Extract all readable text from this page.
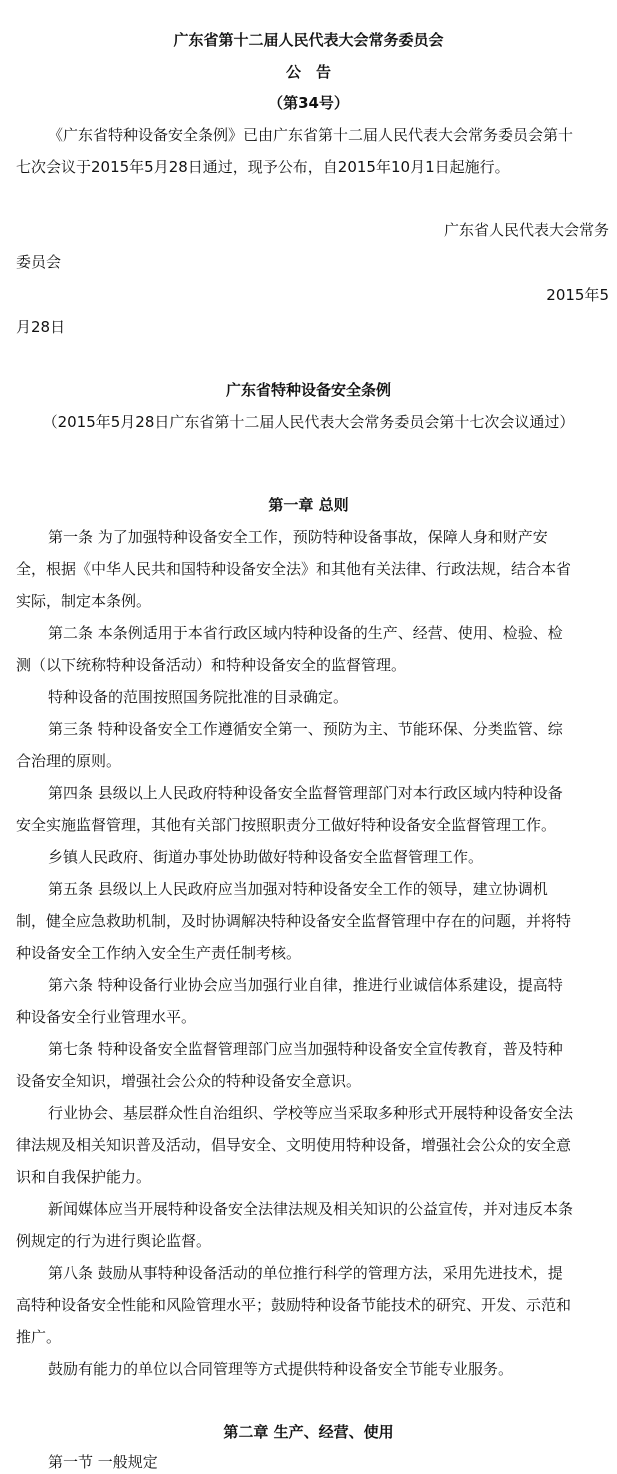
广东省第十二届人民代表大会常务委员会
公　告
（第34号）
《广东省特种设备安全条例》已由广东省第十二届人民代表大会常务委员会第十
七次会议于2015年5月28日通过，现予公布，自2015年10月1日起施行。
广东省人民代表大会常务
委员会
2015年5
月28日
广东省特种设备安全条例
（2015年5月28日广东省第十二届人民代表大会常务委员会第十七次会议通过）
第一章 总则
第一条 为了加强特种设备安全工作，预防特种设备事故，保障人身和财产安
全，根据《中华人民共和国特种设备安全法》和其他有关法律、行政法规，结合本省
实际，制定本条例。
第二条 本条例适用于本省行政区域内特种设备的生产、经营、使用、检验、检
测（以下统称特种设备活动）和特种设备安全的监督管理。
特种设备的范围按照国务院批准的目录确定。
第三条 特种设备安全工作遵循安全第一、预防为主、节能环保、分类监管、综
合治理的原则。
第四条 县级以上人民政府特种设备安全监督管理部门对本行政区域内特种设备
安全实施监督管理，其他有关部门按照职责分工做好特种设备安全监督管理工作。
乡镇人民政府、街道办事处协助做好特种设备安全监督管理工作。
第五条 县级以上人民政府应当加强对特种设备安全工作的领导，建立协调机
制，健全应急救助机制，及时协调解决特种设备安全监督管理中存在的问题，并将特
种设备安全工作纳入安全生产责任制考核。
第六条 特种设备行业协会应当加强行业自律，推进行业诚信体系建设，提高特
种设备安全行业管理水平。
第七条 特种设备安全监督管理部门应当加强特种设备安全宣传教育，普及特种
设备安全知识，增强社会公众的特种设备安全意识。
行业协会、基层群众性自治组织、学校等应当采取多种形式开展特种设备安全法
律法规及相关知识普及活动，倡导安全、文明使用特种设备，增强社会公众的安全意
识和自我保护能力。
新闻媒体应当开展特种设备安全法律法规及相关知识的公益宣传，并对违反本条
例规定的行为进行舆论监督。
第八条 鼓励从事特种设备活动的单位推行科学的管理方法，采用先进技术，提
高特种设备安全性能和风险管理水平；鼓励特种设备节能技术的研究、开发、示范和
推广。
鼓励有能力的单位以合同管理等方式提供特种设备安全节能专业服务。
第二章 生产、经营、使用
第一节 一般规定
